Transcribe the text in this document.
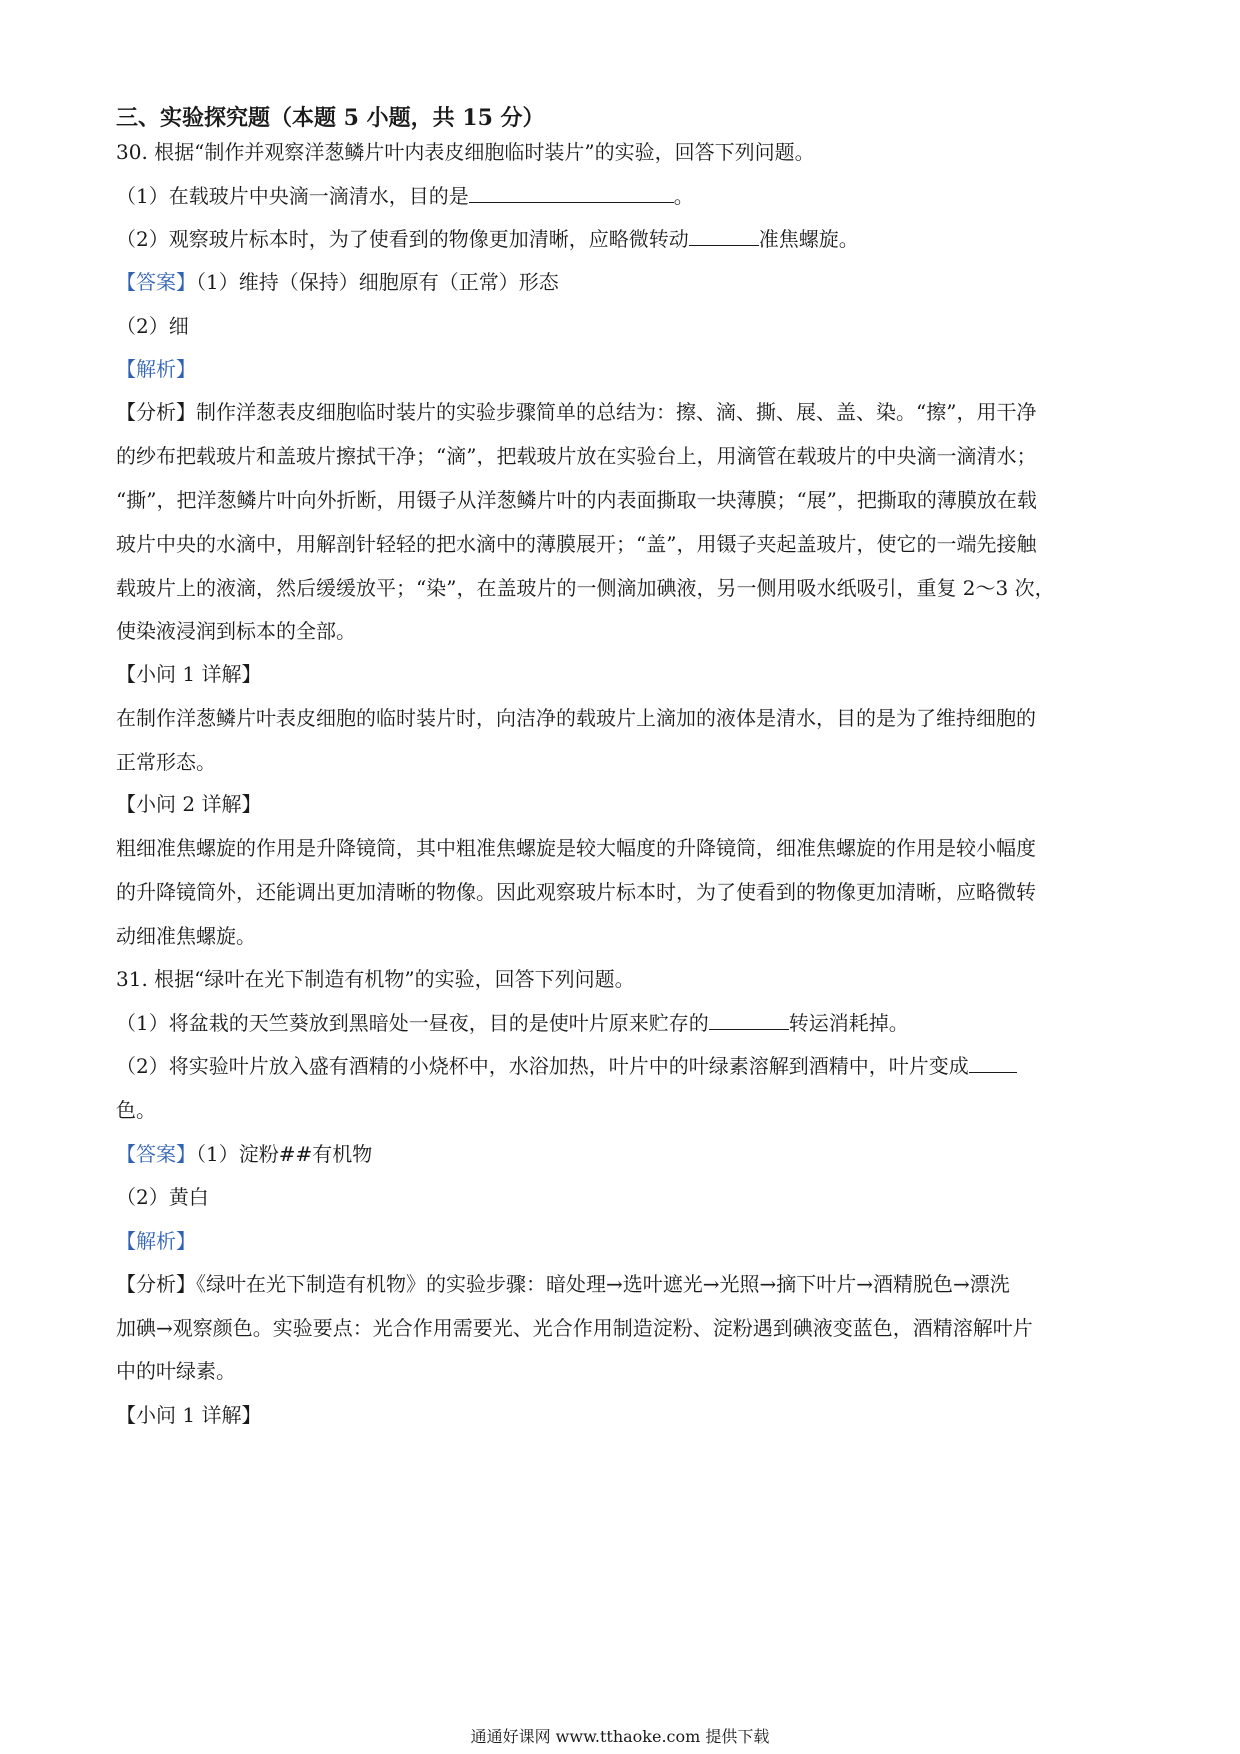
三、实验探究题（本题 5 小题，共 15 分）
30. 根据“制作并观察洋葱鳞片叶内表皮细胞临时装片”的实验，回答下列问题。
（1）在载玻片中央滴一滴清水，目的是	。
（2）观察玻片标本时，为了使看到的物像更加清晰，应略微转动	准焦螺旋。
【答案】（1）维持（保持）细胞原有（正常）形态
（2）细
【解析】
【分析】制作洋葱表皮细胞临时装片的实验步骤简单的总结为：擦、滴、撕、展、盖、染。“擦”，用干净
的纱布把载玻片和盖玻片擦拭干净；“滴”，把载玻片放在实验台上，用滴管在载玻片的中央滴一滴清水；
“撕”，把洋葱鳞片叶向外折断，用镊子从洋葱鳞片叶的内表面撕取一块薄膜；“展”，把撕取的薄膜放在载
玻片中央的水滴中，用解剖针轻轻的把水滴中的薄膜展开；“盖”，用镊子夹起盖玻片，使它的一端先接触
载玻片上的液滴，然后缓缓放平；“染”，在盖玻片的一侧滴加碘液，另一侧用吸水纸吸引，重复 2～3 次，
使染液浸润到标本的全部。
【小问 1 详解】
在制作洋葱鳞片叶表皮细胞的临时装片时，向洁净的载玻片上滴加的液体是清水，目的是为了维持细胞的
正常形态。
【小问 2 详解】
粗细准焦螺旋的作用是升降镜筒，其中粗准焦螺旋是较大幅度的升降镜筒，细准焦螺旋的作用是较小幅度
的升降镜筒外，还能调出更加清晰的物像。因此观察玻片标本时，为了使看到的物像更加清晰，应略微转
动细准焦螺旋。
31. 根据“绿叶在光下制造有机物”的实验，回答下列问题。
（1）将盆栽的天竺葵放到黑暗处一昼夜，目的是使叶片原来贮存的	转运消耗掉。
（2）将实验叶片放入盛有酒精的小烧杯中，水浴加热，叶片中的叶绿素溶解到酒精中，叶片变成
色。
【答案】（1）淀粉##有机物
（2）黄白
【解析】
【分析】《绿叶在光下制造有机物》的实验步骤：暗处理→选叶遮光→光照→摘下叶片→酒精脱色→漂洗
加碘→观察颜色。实验要点：光合作用需要光、光合作用制造淀粉、淀粉遇到碘液变蓝色，酒精溶解叶片
中的叶绿素。
【小问 1 详解】
通通好课网 www.tthaoke.com 提供下载
